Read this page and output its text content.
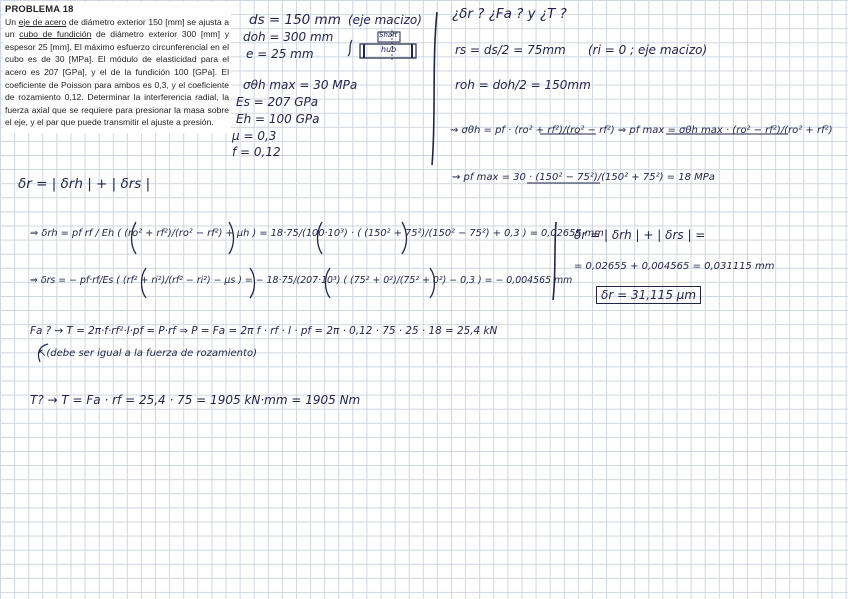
PROBLEMA 18
Un eje de acero de diámetro exterior 150 [mm] se ajusta a un cubo de fundición de diámetro exterior 300 [mm] y espesor 25 [mm]. El máximo esfuerzo circunferencial en el cubo es de 30 [MPa]. El módulo de elasticidad para el acero es 207 [GPa], y el de la fundición 100 [GPa]. El coeficiente de Poisson para ambos es 0,3, y el coeficiente de rozamiento 0,12. Determinar la interferencia radial, la fuerza axial que se requiere para presionar la masa sobre el eje, y el par que puede transmitir el ajuste a presión.
ds = 150 mm (eje macizo)
doh = 300 mm
e = 25 mm
Shaft
hub
σθh max = 30 MPa
Es = 207 GPa
Eh = 100 GPa
μ = 0,3
f = 0,12
¿δr ? ¿Fa ? y ¿T ?
rs = ds/2 = 75mm (ri = 0 ; eje macizo)
roh = doh/2 = 150mm
⇝ σθh = pf · (ro² + rf²)/(ro² − rf²) ⇒ pf max = σθh max · (ro² − rf²)/(ro² + rf²)
⇝ pf max = 30 · (150² − 75²)/(150² + 75²) = 18 MPa
δr = | δrh | + | δrs |
⇒ δrh = pf rf / Eh ( (ro² + rf²)/(ro² − rf²) + μh ) = 18·75/(100·10³) · ( (150² + 75²)/(150² − 75²) + 0,3 ) = 0,02655 mm
⇒ δrs = − pf·rf/Es ( (rf² + ri²)/(rf² − ri²) − μs ) = − 18·75/(207·10³) ( (75² + 0²)/(75² + 0²) − 0,3 ) = − 0,004565 mm
δr = | δrh | + | δrs | =
= 0,02655 + 0,004565 = 0,031115 mm
δr = 31,115 μm
Fa ? → T = 2π·f·rf²·l·pf = P·rf ⇒ P = Fa = 2π f · rf · l · pf = 2π · 0,12 · 75 · 25 · 18 = 25,4 kN
↖(debe ser igual a la fuerza de rozamiento)
T? → T = Fa · rf = 25,4 · 75 = 1905 kN·mm = 1905 Nm
